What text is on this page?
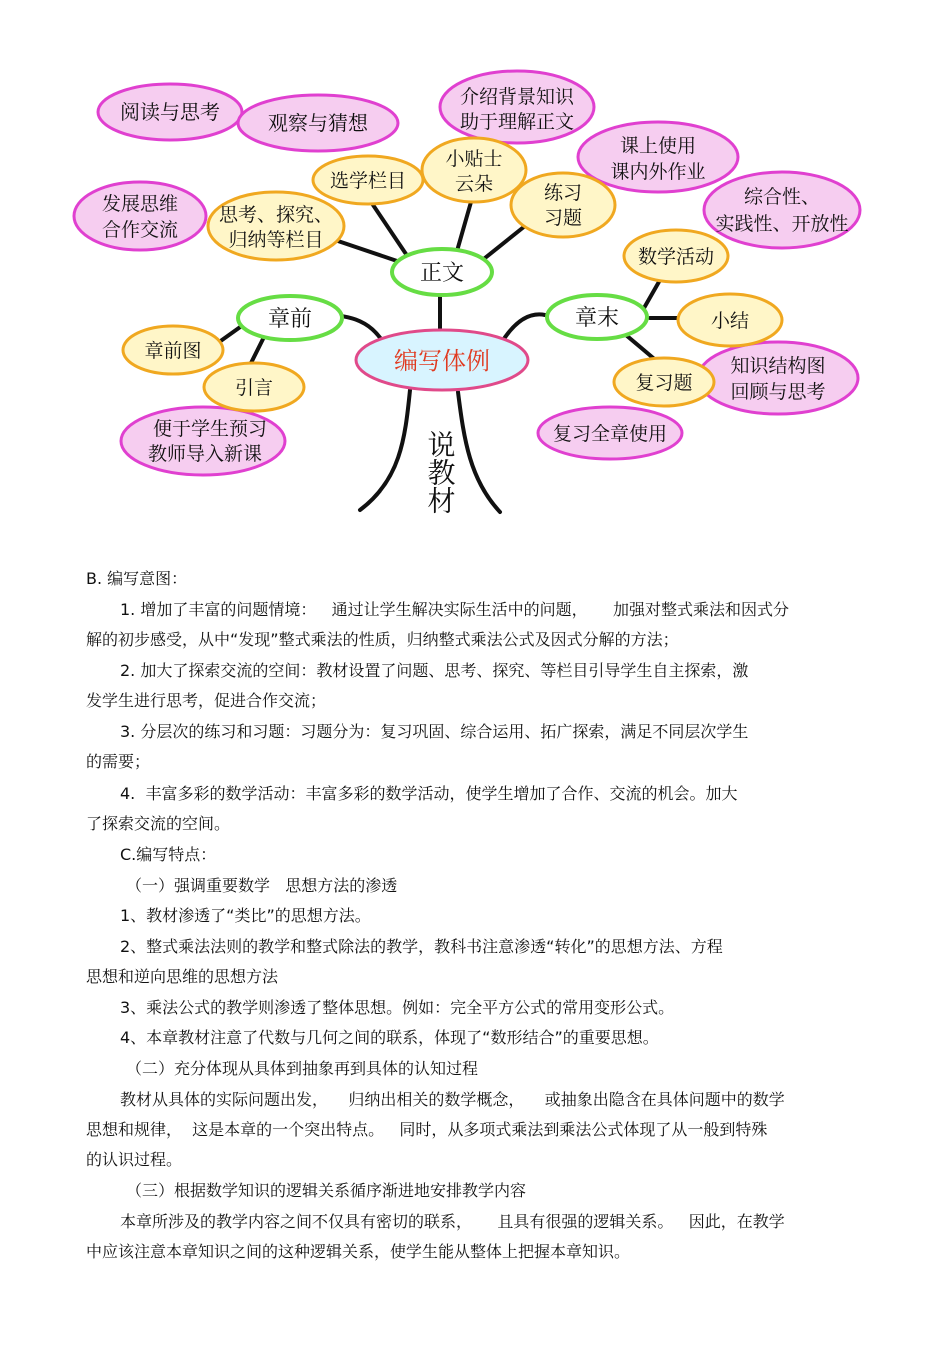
说教材
阅读与思考 观察与猜想
介绍背景知识
助于理解正文
课上使用
课内外作业
综合性、
实践性、开放性
发展思维
合作交流
知识结构图
回顾与思考
复习全章使用
便于学生预习
教师导入新课
选学栏目
小贴士
云朵	练习
习题
思考、探究、
归纳等栏目
数学活动
小结
复习题
章前图
引言
正文
章前	章末
编写体例
B. 编写意图：
1. 增加了丰富的问题情境：   通过让学生解决实际生活中的问题，     加强对整式乘法和因式分
解的初步感受，从中“发现”整式乘法的性质，归纳整式乘法公式及因式分解的方法；
2. 加大了探索交流的空间：教材设置了问题、思考、探究、等栏目引导学生自主探索，激
发学生进行思考，促进合作交流；
3. 分层次的练习和习题：习题分为：复习巩固、综合运用、拓广探索，满足不同层次学生
的需要；
4.  丰富多彩的数学活动：丰富多彩的数学活动，使学生增加了合作、交流的机会。加大
了探索交流的空间。
C.编写特点：
（一）强调重要数学   思想方法的渗透
1、教材渗透了“类比”的思想方法。
2、整式乘法法则的教学和整式除法的教学，教科书注意渗透“转化”的思想方法、方程
思想和逆向思维的思想方法
3、乘法公式的教学则渗透了整体思想。例如：完全平方公式的常用变形公式。
4、本章教材注意了代数与几何之间的联系，体现了“数形结合”的重要思想。
（二）充分体现从具体到抽象再到具体的认知过程
教材从具体的实际问题出发，    归纳出相关的数学概念，    或抽象出隐含在具体问题中的数学
思想和规律，  这是本章的一个突出特点。   同时，从多项式乘法到乘法公式体现了从一般到特殊
的认识过程。
（三）根据数学知识的逻辑关系循序渐进地安排教学内容
本章所涉及的教学内容之间不仅具有密切的联系，     且具有很强的逻辑关系。   因此，在教学
中应该注意本章知识之间的这种逻辑关系，使学生能从整体上把握本章知识。
